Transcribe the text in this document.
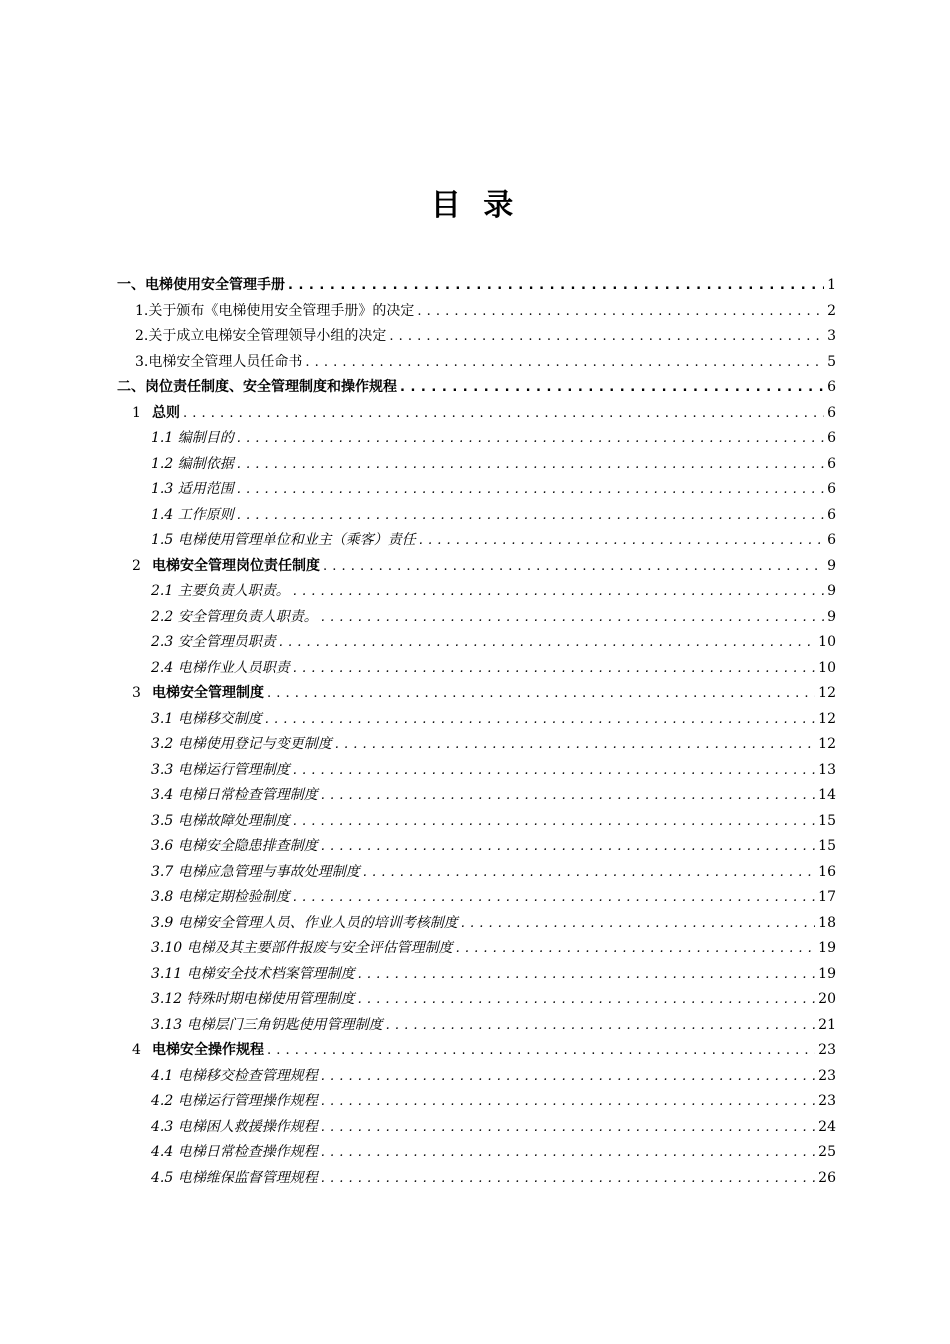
目 录
一、电梯使用安全管理手册 . . .	1
1.关于颁布《电梯使用安全管理手册》的决定 . . .	2
2.关于成立电梯安全管理领导小组的决定 . . .	3
3.电梯安全管理人员任命书 . . .	5
二、岗位责任制度、安全管理制度和操作规程 . . .	6
1 总则 . . .	6
1.1 编制目的 . . .	6
1.2 编制依据 . . .	6
1.3 适用范围 . . .	6
1.4 工作原则 . . .	6
1.5 电梯使用管理单位和业主（乘客）责任 . . .	6
2 电梯安全管理岗位责任制度 . . .	9
2.1 主要负责人职责。 . . .	9
2.2 安全管理负责人职责。 . . .	9
2.3 安全管理员职责 . . .	10
2.4 电梯作业人员职责 . . .	10
3 电梯安全管理制度 . . .	12
3.1 电梯移交制度 . . .	12
3.2 电梯使用登记与变更制度 . . .	12
3.3 电梯运行管理制度 . . .	13
3.4 电梯日常检查管理制度 . . .	14
3.5 电梯故障处理制度 . . .	15
3.6 电梯安全隐患排查制度 . . .	15
3.7 电梯应急管理与事故处理制度 . . .	16
3.8 电梯定期检验制度 . . .	17
3.9 电梯安全管理人员、作业人员的培训考核制度 . . .	18
3.10 电梯及其主要部件报废与安全评估管理制度 . . .	19
3.11 电梯安全技术档案管理制度 . . .	19
3.12 特殊时期电梯使用管理制度 . . .	20
3.13 电梯层门三角钥匙使用管理制度 . . .	21
4 电梯安全操作规程 . . .	23
4.1 电梯移交检查管理规程 . . .	23
4.2 电梯运行管理操作规程 . . .	23
4.3 电梯困人救援操作规程 . . .	24
4.4 电梯日常检查操作规程 . . .	25
4.5 电梯维保监督管理规程 . . .	26
